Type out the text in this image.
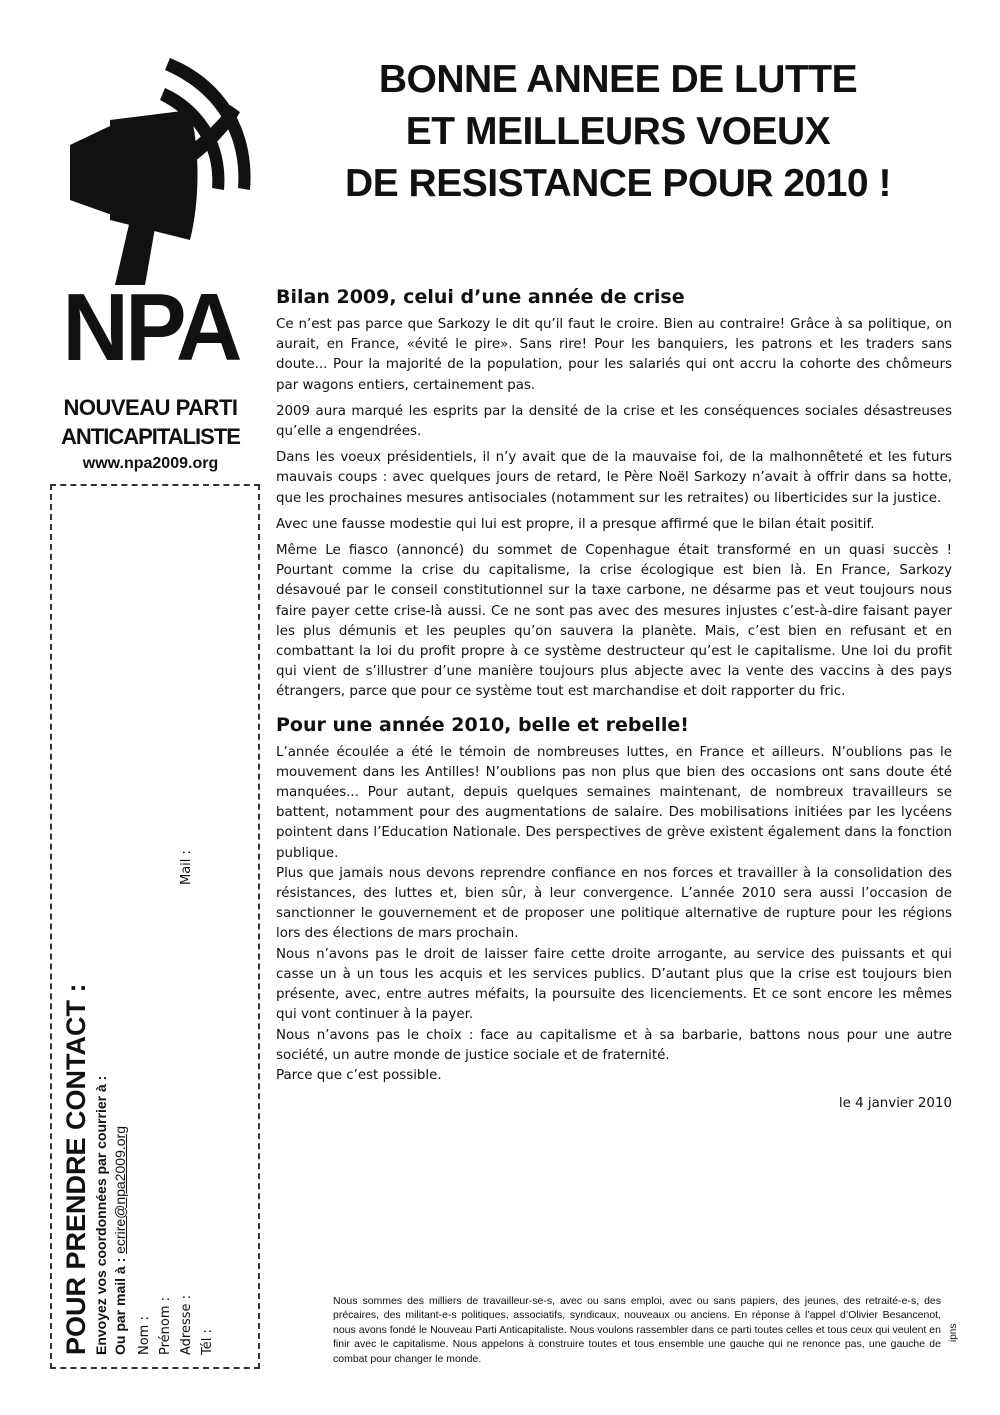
NPA
NOUVEAU PARTI
ANTICAPITALISTE
www.npa2009.org
POUR PRENDRE CONTACT : Envoyez vos coordonnées par courrier à : Ou par mail à : ecrire@npa2009.org
Nom : Prénom : Adresse : Tél :
Mail :
BONNE ANNEE DE LUTTE
ET MEILLEURS VOEUX
DE RESISTANCE POUR 2010 !
Bilan 2009, celui d’une année de crise

Ce n’est pas parce que Sarkozy le dit qu’il faut le croire. Bien au contraire! Grâce à sa politique, on aurait, en France, «évité le pire». Sans rire! Pour les banquiers, les patrons et les traders sans doute... Pour la majorité de la population, pour les salariés qui ont accru la cohorte des chômeurs par wagons entiers, certainement pas.

2009 aura marqué les esprits par la densité de la crise et les conséquences sociales désastreuses qu’elle a engendrées.

Dans les voeux présidentiels, il n’y avait que de la mauvaise foi, de la malhonnêteté et les futurs mauvais coups : avec quelques jours de retard, le Père Noël Sarkozy n’avait à offrir dans sa hotte, que les prochaines mesures antisociales (notamment sur les retraites) ou liberticides sur la justice.

Avec une fausse modestie qui lui est propre, il a presque affirmé que le bilan était positif.

Même Le fiasco (annoncé) du sommet de Copenhague était transformé en un quasi succès ! Pourtant comme la crise du capitalisme, la crise écologique est bien là. En France, Sarkozy désavoué par le conseil constitutionnel sur la taxe carbone, ne désarme pas et veut toujours nous faire payer cette crise-là aussi. Ce ne sont pas avec des mesures injustes c’est-à-dire faisant payer les plus démunis et les peuples qu’on sauvera la planète. Mais, c’est bien en refusant et en combattant la loi du profit propre à ce système destructeur qu’est le capitalisme. Une loi du profit qui vient de s’illustrer d’une manière toujours plus abjecte avec la vente des vaccins à des pays étrangers, parce que pour ce système tout est marchandise et doit rapporter du fric.

Pour une année 2010, belle et rebelle!

L’année écoulée a été le témoin de nombreuses luttes, en France et ailleurs. N’oublions pas le mouvement dans les Antilles! N’oublions pas non plus que bien des occasions ont sans doute été manquées... Pour autant, depuis quelques semaines maintenant, de nombreux travailleurs se battent, notamment pour des augmentations de salaire. Des mobilisations initiées par les lycéens pointent dans l’Education Nationale. Des perspectives de grève existent également dans la fonction publique.

Plus que jamais nous devons reprendre confiance en nos forces et travailler à la consolidation des résistances, des luttes et, bien sûr, à leur convergence. L’année 2010 sera aussi l’occasion de sanctionner le gouvernement et de proposer une politique alternative de rupture pour les régions lors des élections de mars prochain.

Nous n’avons pas le droit de laisser faire cette droite arrogante, au service des puissants et qui casse un à un tous les acquis et les services publics. D’autant plus que la crise est toujours bien présente, avec, entre autres méfaits, la poursuite des licenciements. Et ce sont encore les mêmes qui vont continuer à la payer.

Nous n’avons pas le choix : face au capitalisme et à sa barbarie, battons nous pour une autre société, un autre monde de justice sociale et de fraternité.

Parce que c’est possible.

le 4 janvier 2010
Nous sommes des milliers de travailleur-se-s, avec ou sans emploi, avec ou sans papiers, des jeunes, des retraité-e-s, des précaires, des militant-e-s politiques, associatifs, syndicaux, nouveaux ou anciens. En réponse à l’appel d’Olivier Besancenot, nous avons fondé le Nouveau Parti Anticapitaliste. Nous voulons rassembler dans ce parti toutes celles et tous ceux qui veulent en finir avec le capitalisme. Nous appelons à construire toutes et tous ensemble une gauche qui ne renonce pas, une gauche de combat pour changer le monde.
ipns
